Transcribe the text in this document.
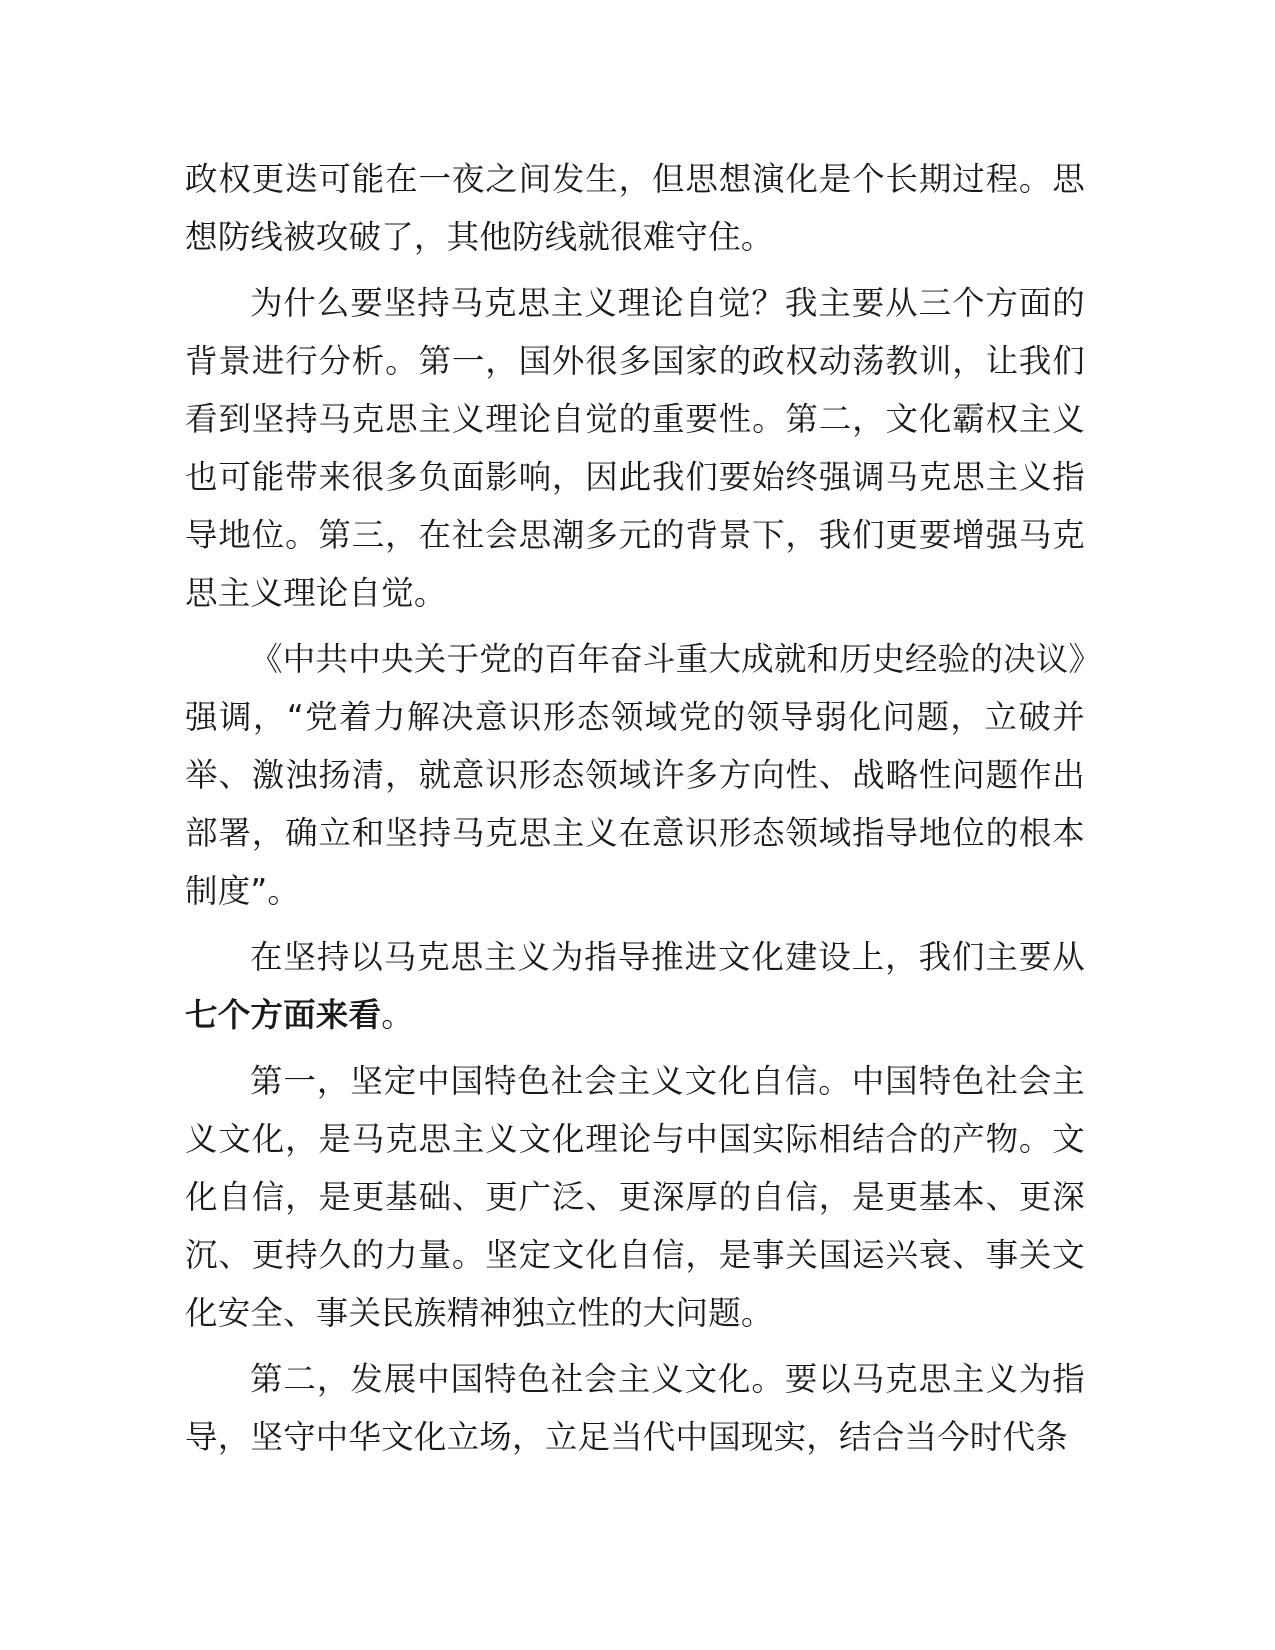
政权更迭可能在一夜之间发生，但思想演化是个长期过程。思想防线被攻破了，其他防线就很难守住。

为什么要坚持马克思主义理论自觉？我主要从三个方面的背景进行分析。第一，国外很多国家的政权动荡教训，让我们看到坚持马克思主义理论自觉的重要性。第二，文化霸权主义也可能带来很多负面影响，因此我们要始终强调马克思主义指导地位。第三，在社会思潮多元的背景下，我们更要增强马克思主义理论自觉。

《中共中央关于党的百年奋斗重大成就和历史经验的决议》强调，“党着力解决意识形态领域党的领导弱化问题，立破并举、激浊扬清，就意识形态领域许多方向性、战略性问题作出部署，确立和坚持马克思主义在意识形态领域指导地位的根本制度”。

在坚持以马克思主义为指导推进文化建设上，我们主要从七个方面来看。

第一，坚定中国特色社会主义文化自信。中国特色社会主义文化，是马克思主义文化理论与中国实际相结合的产物。文化自信，是更基础、更广泛、更深厚的自信，是更基本、更深沉、更持久的力量。坚定文化自信，是事关国运兴衰、事关文化安全、事关民族精神独立性的大问题。

第二，发展中国特色社会主义文化。要以马克思主义为指导，坚守中华文化立场，立足当代中国现实，结合当今时代条
